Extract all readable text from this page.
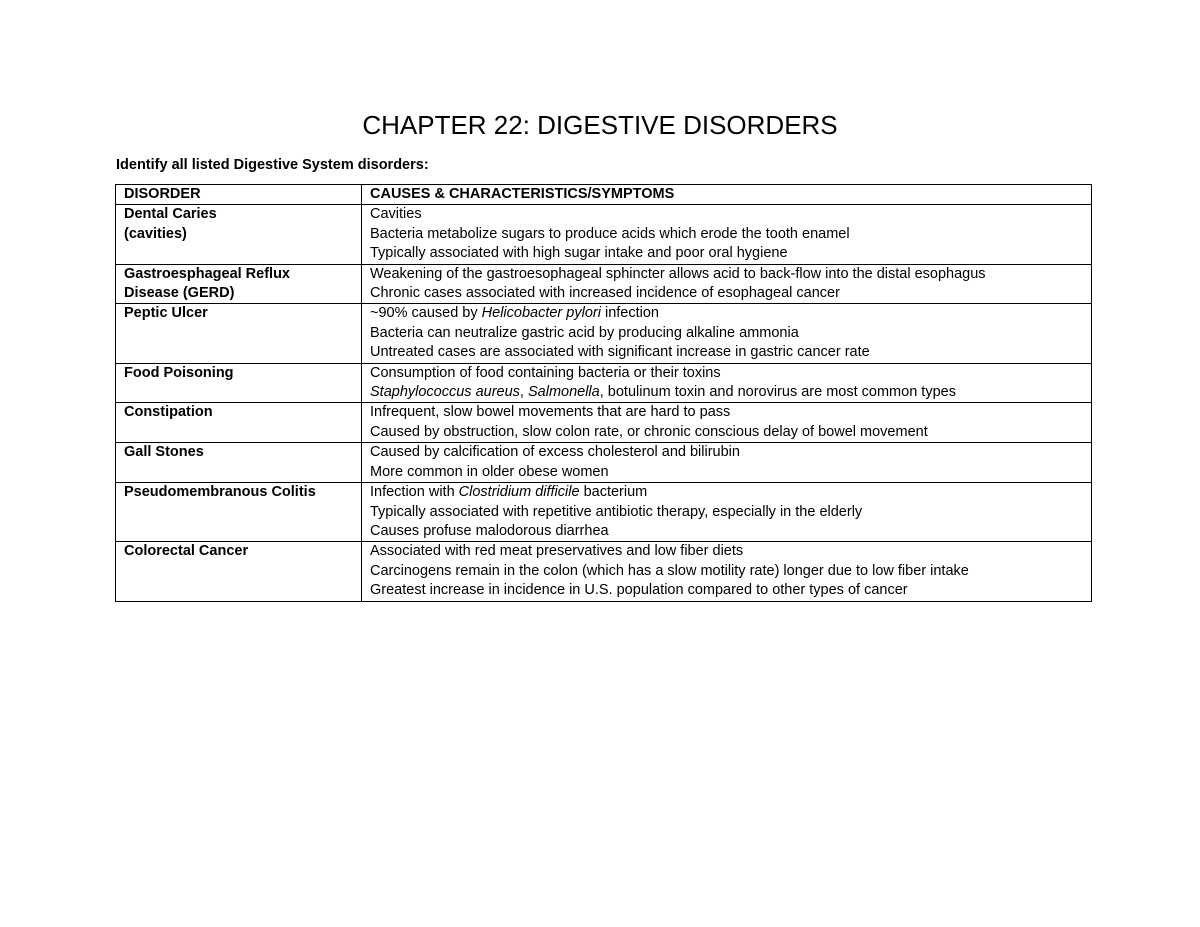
CHAPTER 22: DIGESTIVE DISORDERS
Identify all listed Digestive System disorders:
DISORDER	CAUSES & CHARACTERISTICS/SYMPTOMS
Dental Caries
(cavities)	Cavities
Bacteria metabolize sugars to produce acids which erode the tooth enamel
Typically associated with high sugar intake and poor oral hygiene

Gastroesphageal Reflux
Disease (GERD)	Weakening of the gastroesophageal sphincter allows acid to back-flow into the distal esophagus
Chronic cases associated with increased incidence of esophageal cancer

Peptic Ulcer	~90% caused by Helicobacter pylori infection
Bacteria can neutralize gastric acid by producing alkaline ammonia
Untreated cases are associated with significant increase in gastric cancer rate

Food Poisoning	Consumption of food containing bacteria or their toxins
Staphylococcus aureus, Salmonella, botulinum toxin and norovirus are most common types

Constipation	Infrequent, slow bowel movements that are hard to pass
Caused by obstruction, slow colon rate, or chronic conscious delay of bowel movement

Gall Stones	Caused by calcification of excess cholesterol and bilirubin
More common in older obese women

Pseudomembranous Colitis	Infection with Clostridium difficile bacterium
Typically associated with repetitive antibiotic therapy, especially in the elderly
Causes profuse malodorous diarrhea

Colorectal Cancer	Associated with red meat preservatives and low fiber diets
Carcinogens remain in the colon (which has a slow motility rate) longer due to low fiber intake
Greatest increase in incidence in U.S. population compared to other types of cancer
